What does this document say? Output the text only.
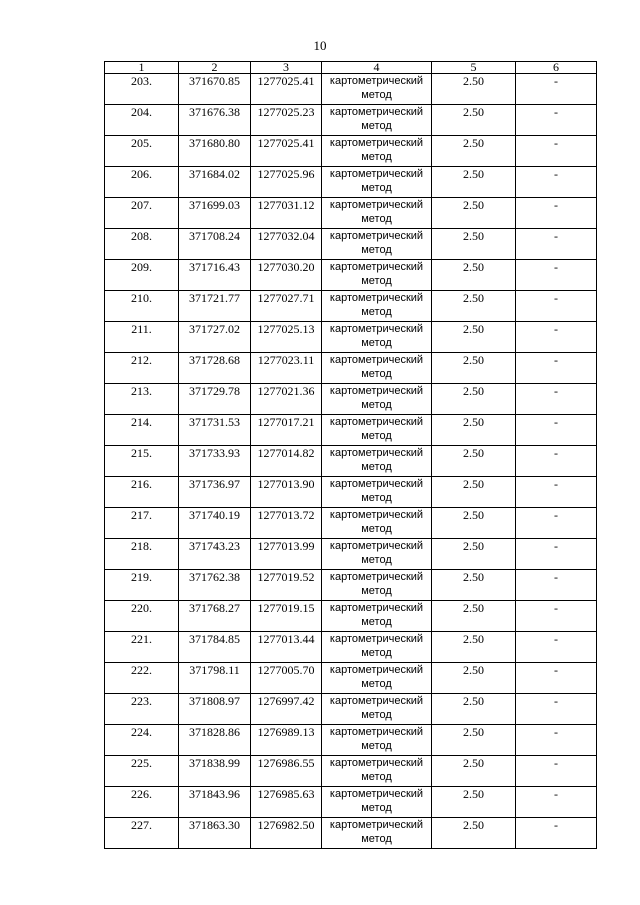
10
1	2	3	4	5	6
203.	371670.85	1277025.41	картометрический метод	2.50	-
204.	371676.38	1277025.23	картометрический метод	2.50	-
205.	371680.80	1277025.41	картометрический метод	2.50	-
206.	371684.02	1277025.96	картометрический метод	2.50	-
207.	371699.03	1277031.12	картометрический метод	2.50	-
208.	371708.24	1277032.04	картометрический метод	2.50	-
209.	371716.43	1277030.20	картометрический метод	2.50	-
210.	371721.77	1277027.71	картометрический метод	2.50	-
211.	371727.02	1277025.13	картометрический метод	2.50	-
212.	371728.68	1277023.11	картометрический метод	2.50	-
213.	371729.78	1277021.36	картометрический метод	2.50	-
214.	371731.53	1277017.21	картометрический метод	2.50	-
215.	371733.93	1277014.82	картометрический метод	2.50	-
216.	371736.97	1277013.90	картометрический метод	2.50	-
217.	371740.19	1277013.72	картометрический метод	2.50	-
218.	371743.23	1277013.99	картометрический метод	2.50	-
219.	371762.38	1277019.52	картометрический метод	2.50	-
220.	371768.27	1277019.15	картометрический метод	2.50	-
221.	371784.85	1277013.44	картометрический метод	2.50	-
222.	371798.11	1277005.70	картометрический метод	2.50	-
223.	371808.97	1276997.42	картометрический метод	2.50	-
224.	371828.86	1276989.13	картометрический метод	2.50	-
225.	371838.99	1276986.55	картометрический метод	2.50	-
226.	371843.96	1276985.63	картометрический метод	2.50	-
227.	371863.30	1276982.50	картометрический метод	2.50	-
